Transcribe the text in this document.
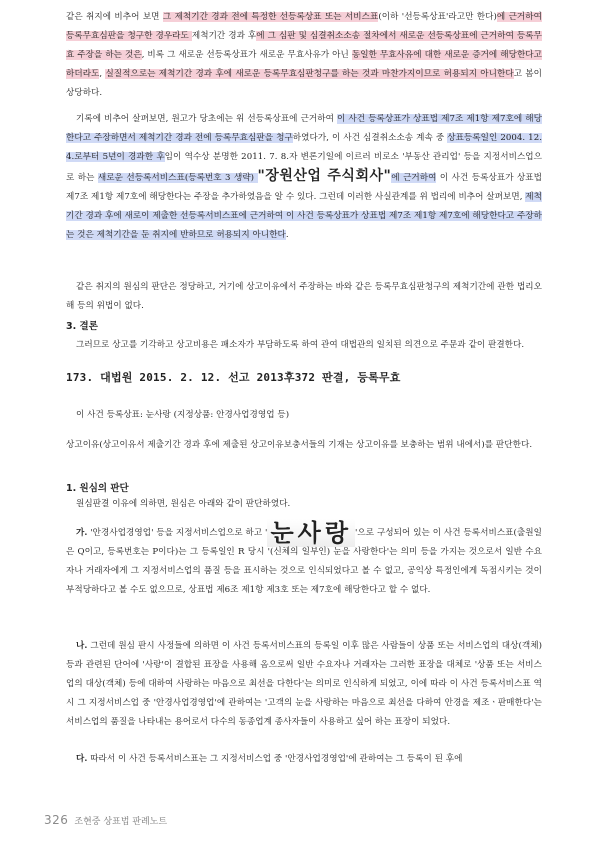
같은 취지에 비추어 보면 그 제척기간 경과 전에 특정한 선등록상표 또는 서비스표(이하 '선등록상표'라고만 한다)에 근거하여 등록무효심판을 청구한 경우라도 제척기간 경과 후에 그 심판 및 심결취소소송 절차에서 새로운 선등록상표에 근거하여 등록무효 주장을 하는 것은, 비록 그 새로운 선등록상표가 새로운 무효사유가 아닌 동일한 무효사유에 대한 새로운 증거에 해당한다고 하더라도, 실질적으로는 제척기간 경과 후에 새로운 등록무효심판청구를 하는 것과 마찬가지이므로 허용되지 아니한다고 봄이 상당하다.

기록에 비추어 살펴보면, 원고가 당초에는 위 선등록상표에 근거하여 이 사건 등록상표가 상표법 제7조 제1항 제7호에 해당한다고 주장하면서 제척기간 경과 전에 등록무효심판을 청구하였다가, 이 사건 심결취소소송 계속 중 상표등록일인 2004. 12. 4.로부터 5년이 경과한 후임이 역수상 분명한 2011. 7. 8.자 변론기일에 이르러 비로소 '부동산 관리업' 등을 지정서비스업으로 하는 새로운 선등록서비스표(등록번호 3 생략) "장원산업 주식회사"에 근거하여 이 사건 등록상표가 상표법 제7조 제1항 제7호에 해당한다는 주장을 추가하였음을 알 수 있다. 그런데 이러한 사실관계를 위 법리에 비추어 살펴보면, 제척기간 경과 후에 새로이 제출한 선등록서비스표에 근거하여 이 사건 등록상표가 상표법 제7조 제1항 제7호에 해당한다고 주장하는 것은 제척기간을 둔 취지에 반하므로 허용되지 아니한다.

같은 취지의 원심의 판단은 정당하고, 거기에 상고이유에서 주장하는 바와 같은 등록무효심판청구의 제척기간에 관한 법리오해 등의 위법이 없다.

3. 결론

그러므로 상고를 기각하고 상고비용은 패소자가 부담하도록 하여 관여 대법관의 일치된 의견으로 주문과 같이 판결한다.

173. 대법원 2015. 2. 12. 선고 2013후372 판결, 등록무효

이 사건 등록상표: 눈사랑 (지정상품: 안경사업경영업 등)

상고이유(상고이유서 제출기간 경과 후에 제출된 상고이유보충서들의 기재는 상고이유를 보충하는 범위 내에서)를 판단한다.

1. 원심의 판단

원심판결 이유에 의하면, 원심은 아래와 같이 판단하였다.

가. '안경사업경영업' 등을 지정서비스업으로 하고 ' 눈사랑 '으로 구성되어 있는 이 사건 등록서비스표(출원일은 Q이고, 등록번호는 P이다)는 그 등록일인 R 당시 '(신체의 일부인) 눈을 사랑한다'는 의미 등을 가지는 것으로서 일반 수요자나 거래자에게 그 지정서비스업의 품질 등을 표시하는 것으로 인식되었다고 볼 수 없고, 공익상 특정인에게 독점시키는 것이 부적당하다고 볼 수도 없으므로, 상표법 제6조 제1항 제3호 또는 제7호에 해당한다고 할 수 없다.

나. 그런데 원심 판시 사정들에 의하면 이 사건 등록서비스표의 등록일 이후 많은 사람들이 상품 또는 서비스업의 대상(객체) 등과 관련된 단어에 '사랑'이 결합된 표장을 사용해 옴으로써 일반 수요자나 거래자는 그러한 표장을 대체로 '상품 또는 서비스업의 대상(객체) 등에 대하여 사랑하는 마음으로 최선을 다한다'는 의미로 인식하게 되었고, 이에 따라 이 사건 등록서비스표 역시 그 지정서비스업 중 '안경사업경영업'에 관하여는 '고객의 눈을 사랑하는 마음으로 최선을 다하여 안경을 제조ㆍ판매한다'는 서비스업의 품질을 나타내는 용어로서 다수의 동종업계 종사자들이 사용하고 싶어 하는 표장이 되었다.

다. 따라서 이 사건 등록서비스표는 그 지정서비스업 중 '안경사업경영업'에 관하여는 그 등록이 된 후에

326 조현중 상표법 판례노트
